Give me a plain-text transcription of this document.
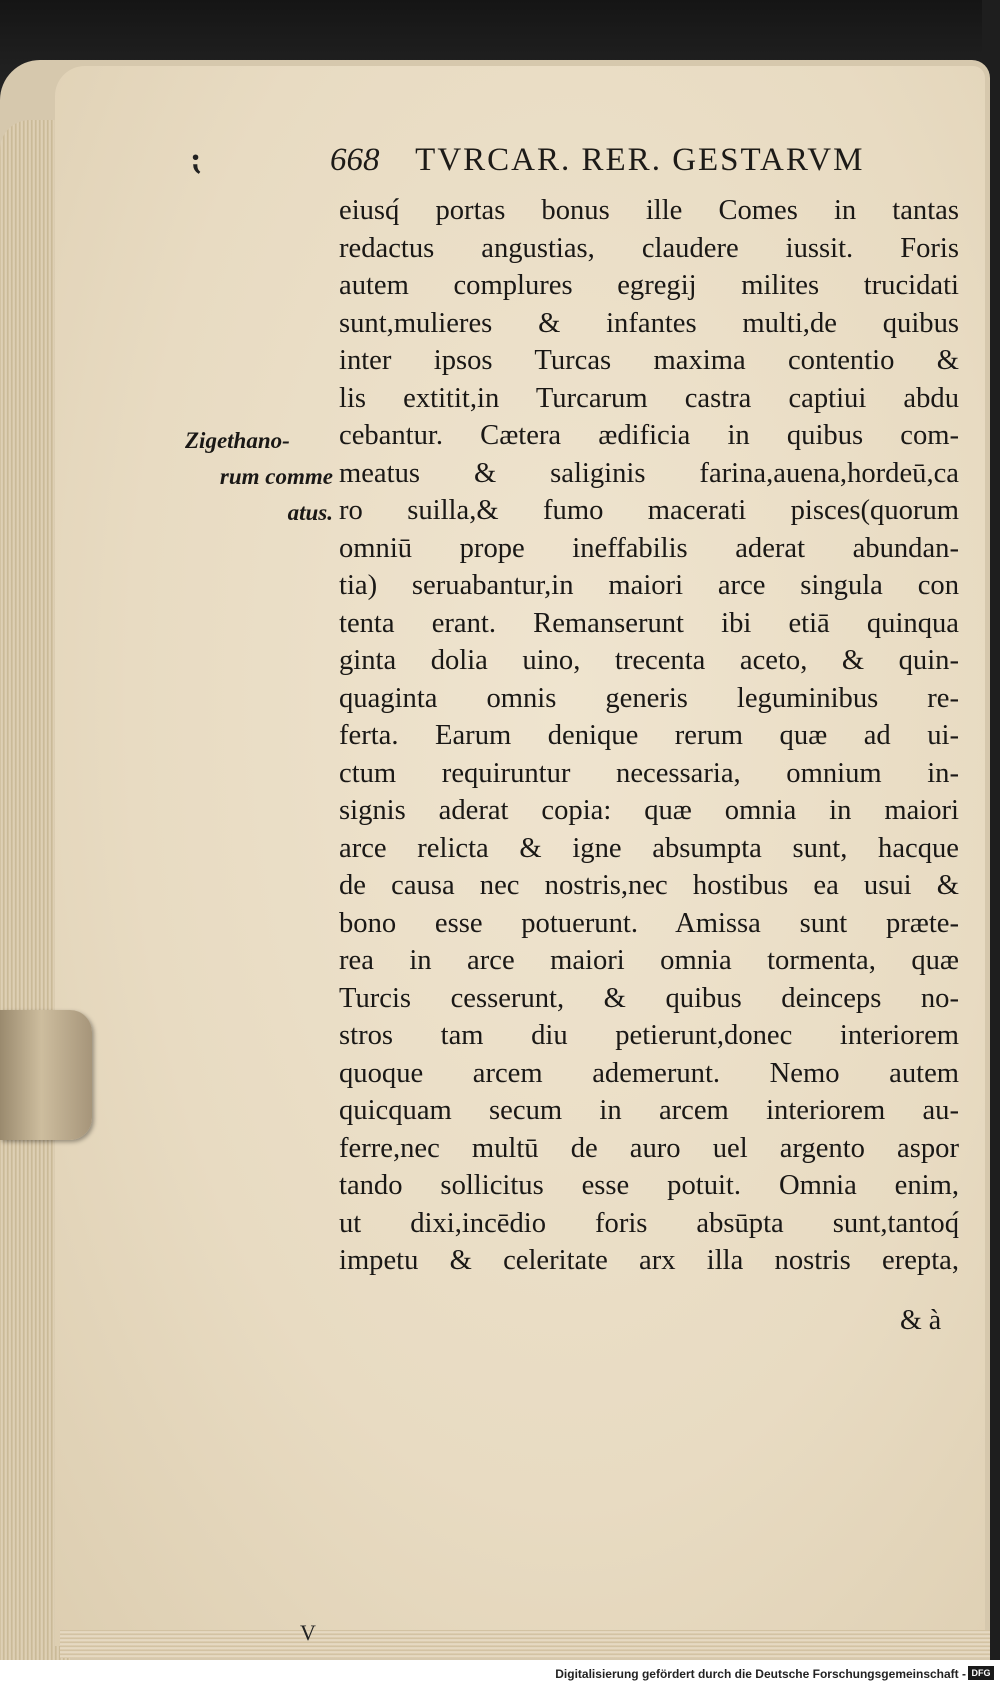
⁏	668 TVRCAR. RER. GESTARVM
Zigethano-
rum comme
atus.
eiusq́ portas bonus ille Comes in tantas
redactus angustias, claudere iussit. Foris
autem complures egregij milites trucidati
sunt,mulieres & infantes multi,de quibus
inter ipsos Turcas maxima contentio &
lis extitit,in Turcarum castra captiui abdu
cebantur. Cætera ædificia in quibus com-
meatus & saliginis farina,auena,hordeū,ca
ro suilla,& fumo macerati pisces(quorum
omniū prope ineffabilis aderat abundan-
tia) seruabantur,in maiori arce singula con
tenta erant. Remanserunt ibi etiā quinqua
ginta dolia uino, trecenta aceto, & quin-
quaginta omnis generis leguminibus re-
ferta. Earum denique rerum quæ ad ui-
ctum requiruntur necessaria, omnium in-
signis aderat copia: quæ omnia in maiori
arce relicta & igne absumpta sunt, hacque
de causa nec nostris,nec hostibus ea usui &
bono esse potuerunt. Amissa sunt præte-
rea in arce maiori omnia tormenta, quæ
Turcis cesserunt, & quibus deinceps no-
stros tam diu petierunt,donec interiorem
quoque arcem ademerunt. Nemo autem
quicquam secum in arcem interiorem au-
ferre,nec multū de auro uel argento aspor
tando sollicitus esse potuit. Omnia enim,
ut dixi,incēdio foris absūpta sunt,tantoq́
impetu & celeritate arx illa nostris erepta,
& à
V
Digitalisierung gefördert durch die Deutsche Forschungsgemeinschaft - DFG
